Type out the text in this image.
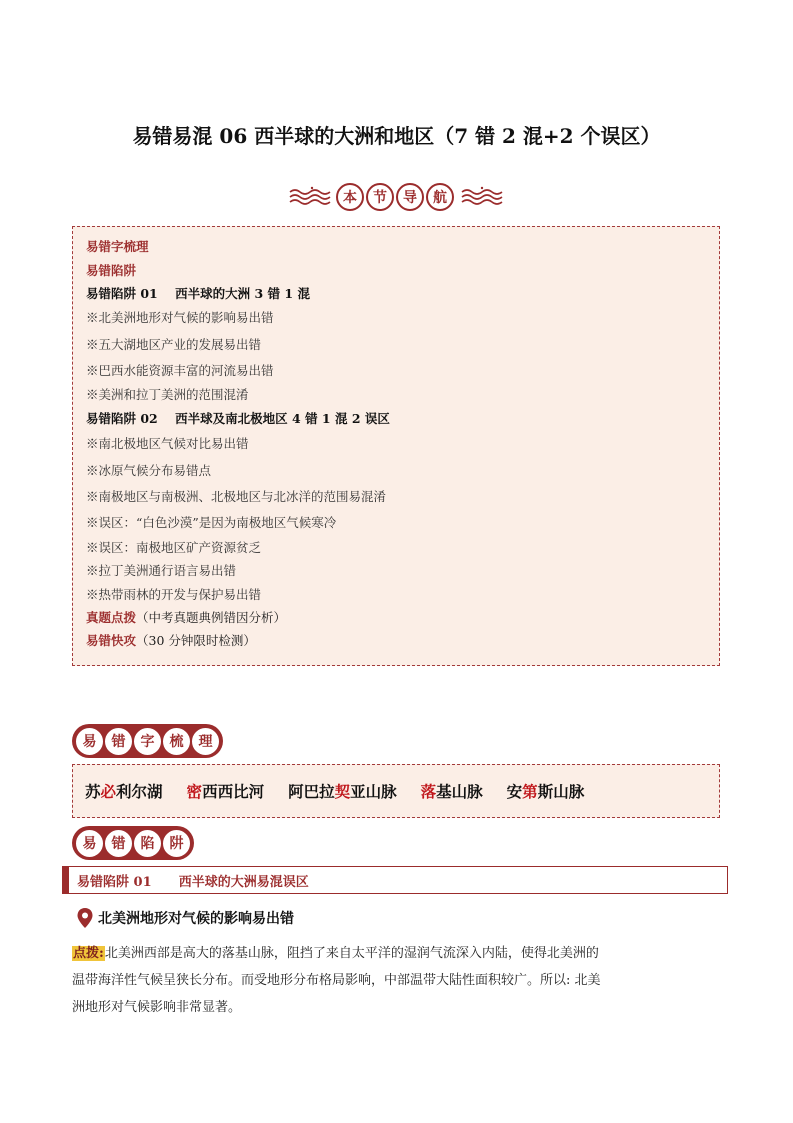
易错易混 06 西半球的大洲和地区（7 错 2 混+2 个误区）
本	节	导	航
易错字梳理
易错陷阱
易错陷阱 01 西半球的大洲 3 错 1 混
※北美洲地形对气候的影响易出错
※五大湖地区产业的发展易出错
※巴西水能资源丰富的河流易出错
※美洲和拉丁美洲的范围混淆
易错陷阱 02 西半球及南北极地区 4 错 1 混 2 误区
※南北极地区气候对比易出错
※冰原气候分布易错点
※南极地区与南极洲、北极地区与北冰洋的范围易混淆
※误区：“白色沙漠”是因为南极地区气候寒冷
※误区：南极地区矿产资源贫乏
※拉丁美洲通行语言易出错
※热带雨林的开发与保护易出错
真题点拨（中考真题典例错因分析）
易错快攻（30 分钟限时检测）
易	错	字	梳	理
苏必利尔湖 密西西比河 阿巴拉契亚山脉 落基山脉 安第斯山脉
易	错	陷	阱
易错陷阱 01      西半球的大洲易混误区
北美洲地形对气候的影响易出错
点拨:北美洲西部是高大的落基山脉，阻挡了来自太平洋的湿润气流深入内陆，使得北美洲的
温带海洋性气候呈狭长分布。而受地形分布格局影响，中部温带大陆性面积较广。所以: 北美
洲地形对气候影响非常显著。
